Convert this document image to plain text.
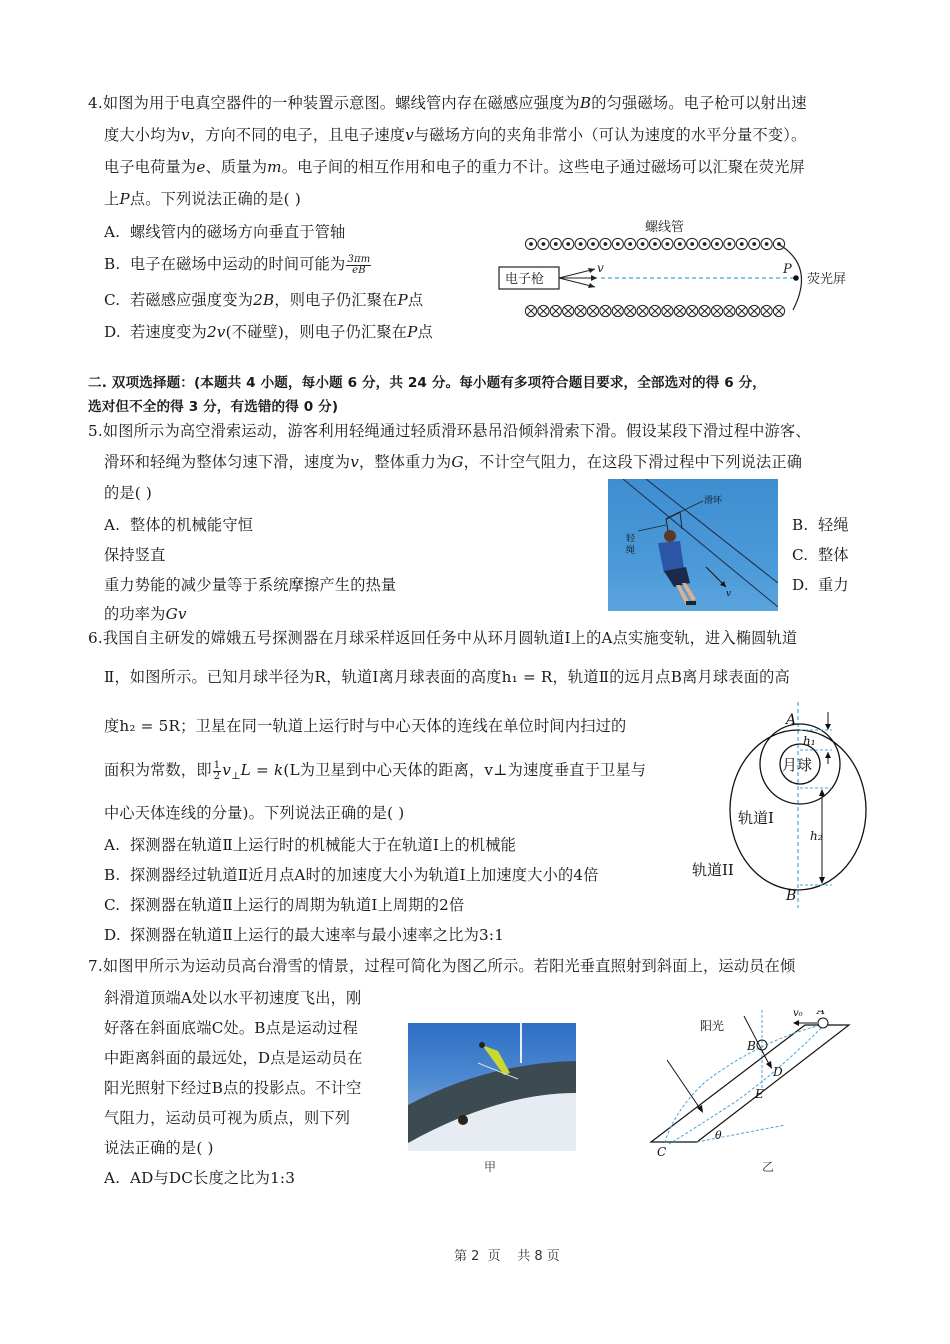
4.如图为用于电真空器件的一种装置示意图。螺线管内存在磁感应强度为B的匀强磁场。电子枪可以射出速
度大小均为v，方向不同的电子，且电子速度v与磁场方向的夹角非常小（可认为速度的水平分量不变）。
电子电荷量为e、质量为m。电子间的相互作用和电子的重力不计。这些电子通过磁场可以汇聚在荧光屏
上P点。下列说法正确的是( )
A. 螺线管内的磁场方向垂直于管轴
B. 电子在磁场中运动的时间可能为 $\frac{3\pi m}{eB}$
C. 若磁感应强度变为2B，则电子仍汇聚在P点
D. 若速度变为2v(不碰壁)，则电子仍汇聚在P点
螺线管
电子枪
v	P
荧光屏
二. 双项选择题：(本题共 4 小题，每小题 6 分，共 24 分。每小题有多项符合题目要求，全部选对的得 6 分，
选对但不全的得 3 分，有选错的得 0 分)
5.如图所示为高空滑索运动，游客利用轻绳通过轻质滑环悬吊沿倾斜滑索下滑。假设某段下滑过程中游客、
滑环和轻绳为整体匀速下滑，速度为v，整体重力为G，不计空气阻力，在这段下滑过程中下列说法正确
的是( )
A. 整体的机械能守恒
保持竖直
重力势能的减少量等于系统摩擦产生的热量
的功率为Gv
B. 轻绳
C. 整体
D. 重力
滑环
轻
绳
v
6.我国自主研发的嫦娥五号探测器在月球采样返回任务中从环月圆轨道Ⅰ上的A点实施变轨，进入椭圆轨道
Ⅱ，如图所示。已知月球半径为R，轨道Ⅰ离月球表面的高度h₁ = R，轨道Ⅱ的远月点B离月球表面的高
度h₂ = 5R；卫星在同一轨道上运行时与中心天体的连线在单位时间内扫过的
面积为常数，即 $\frac{1}{2} v_\perp L = k(L$为卫星到中心天体的距离，v⊥为速度垂直于卫星与
中心天体连线的分量)。下列说法正确的是( )
A. 探测器在轨道Ⅱ上运行时的机械能大于在轨道Ⅰ上的机械能
B. 探测器经过轨道Ⅱ近月点A时的加速度大小为轨道Ⅰ上加速度大小的4倍
C. 探测器在轨道Ⅱ上运行的周期为轨道Ⅰ上周期的2倍
D. 探测器在轨道Ⅱ上运行的最大速率与最小速率之比为3:1
月球
A
B
轨道I
轨道II
h₁
h₂
7.如图甲所示为运动员高台滑雪的情景，过程可简化为图乙所示。若阳光垂直照射到斜面上，运动员在倾
斜滑道顶端A处以水平初速度飞出，刚
好落在斜面底端C处。B点是运动过程
中距离斜面的最远处，D点是运动员在
阳光照射下经过B点的投影点。不计空
气阻力，运动员可视为质点，则下列
说法正确的是( )
A. AD与DC长度之比为1:3
甲
A
v₀
阳光
B
D
E
C
θ
乙
第 2  页    共 8 页
